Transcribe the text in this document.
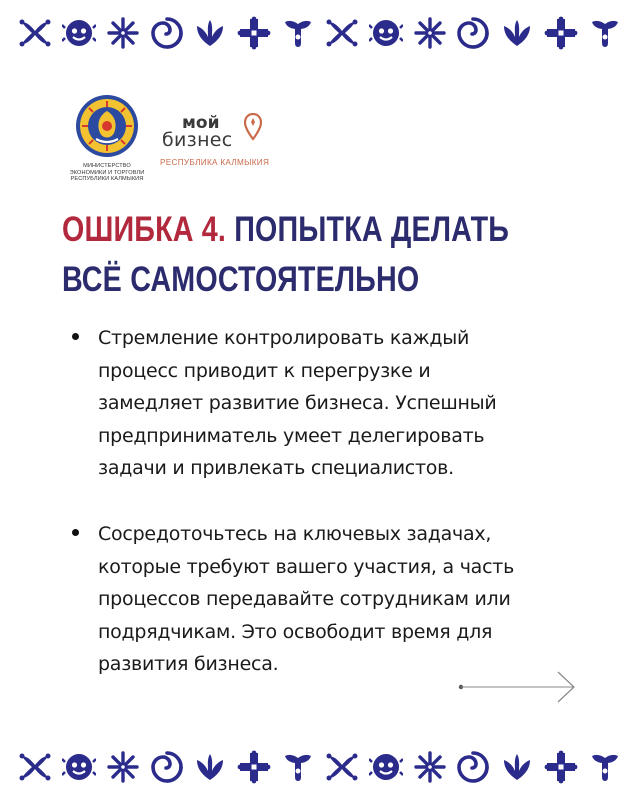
МИНИСТЕРСТВО
ЭКОНОМИКИ И ТОРГОВЛИ
РЕСПУБЛИКИ КАЛМЫКИЯ
мой
бизнес
РЕСПУБЛИКА КАЛМЫКИЯ
ОШИБКА 4. ПОПЫТКА ДЕЛАТЬ
ВСЁ САМОСТОЯТЕЛЬНО
Стремление контролировать каждый
процесс приводит к перегрузке и
замедляет развитие бизнеса. Успешный
предприниматель умеет делегировать
задачи и привлекать специалистов.
Сосредоточьтесь на ключевых задачах,
которые требуют вашего участия, а часть
процессов передавайте сотрудникам или
подрядчикам. Это освободит время для
развития бизнеса.
